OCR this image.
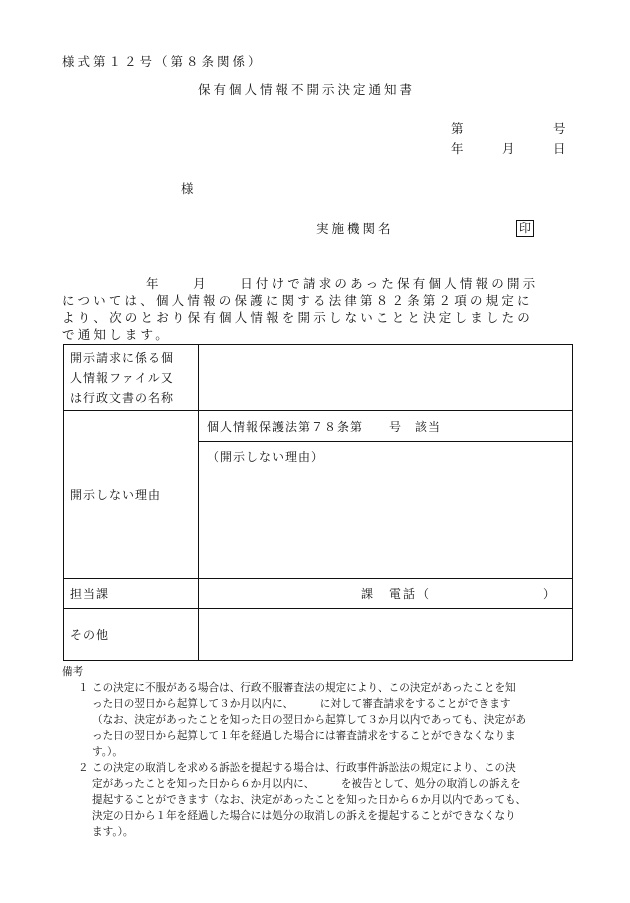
様式第１２号（第８条関係）
保有個人情報不開示決定通知書
第	号
年	月	日
様
実施機関名	印
年　　月　　日付けで請求のあった保有個人情報の開示
については、個人情報の保護に関する法律第８２条第２項の規定に
より、次のとおり保有個人情報を開示しないことと決定しましたの
で通知します。
開示請求に係る個
人情報ファイル又
は行政文書の名称	

開示しない理由	個人情報保護法第７８条第　　号　該当
	（開示しない理由）
担当課	課　電話（　　　　　　　　）
その他	
備考
１ この決定に不服がある場合は、行政不服審査法の規定により、この決定があったことを知
った日の翌日から起算して３か月以内に、　　　に対して審査請求をすることができます
（なお、決定があったことを知った日の翌日から起算して３か月以内であっても、決定があ
った日の翌日から起算して１年を経過した場合には審査請求をすることができなくなりま
す。）。
２ この決定の取消しを求める訴訟を提起する場合は、行政事件訴訟法の規定により、この決
定があったことを知った日から６か月以内に、　　　を被告として、処分の取消しの訴えを
提起することができます（なお、決定があったことを知った日から６か月以内であっても、
決定の日から１年を経過した場合には処分の取消しの訴えを提起することができなくなり
ます。）。
